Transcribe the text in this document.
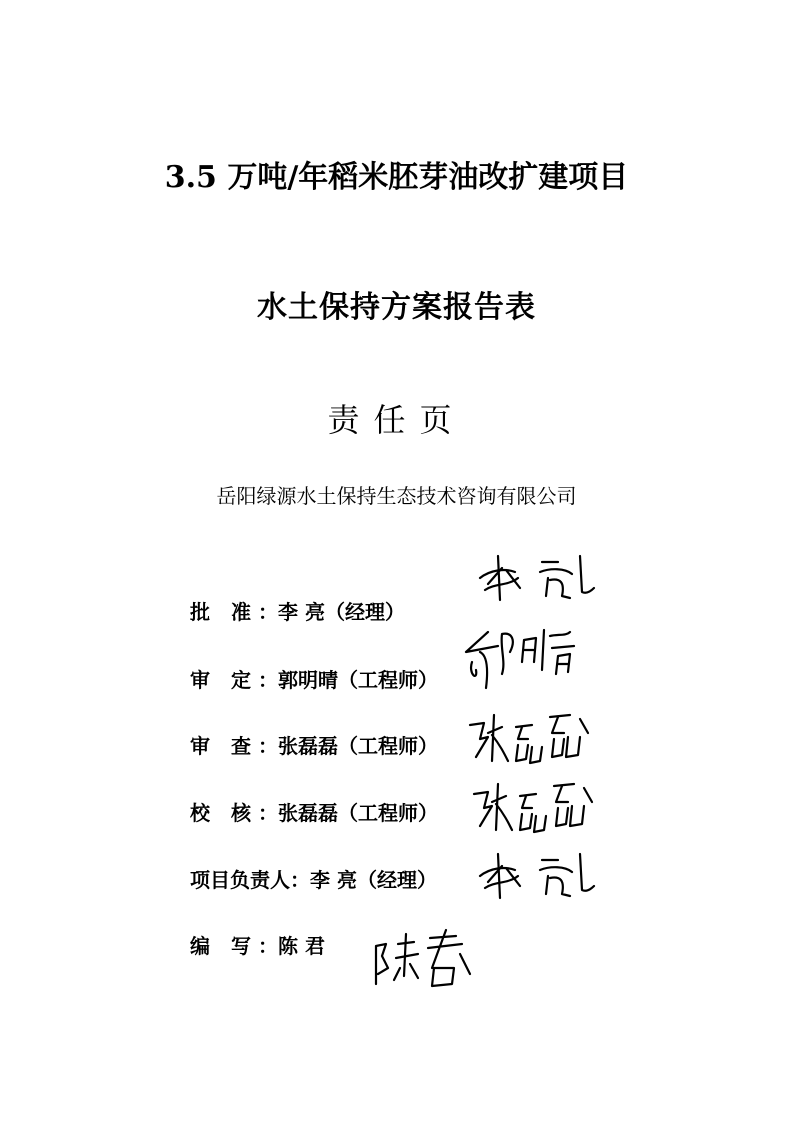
3.5 万吨/年稻米胚芽油改扩建项目
水土保持方案报告表
责任页
岳阳绿源水土保持生态技术咨询有限公司
批 准：李 亮（经理）
审 定：郭明晴（工程师）
审 查：张磊磊（工程师）
校 核：张磊磊（工程师）
项目负责人：李 亮（经理）
编 写：陈 君
